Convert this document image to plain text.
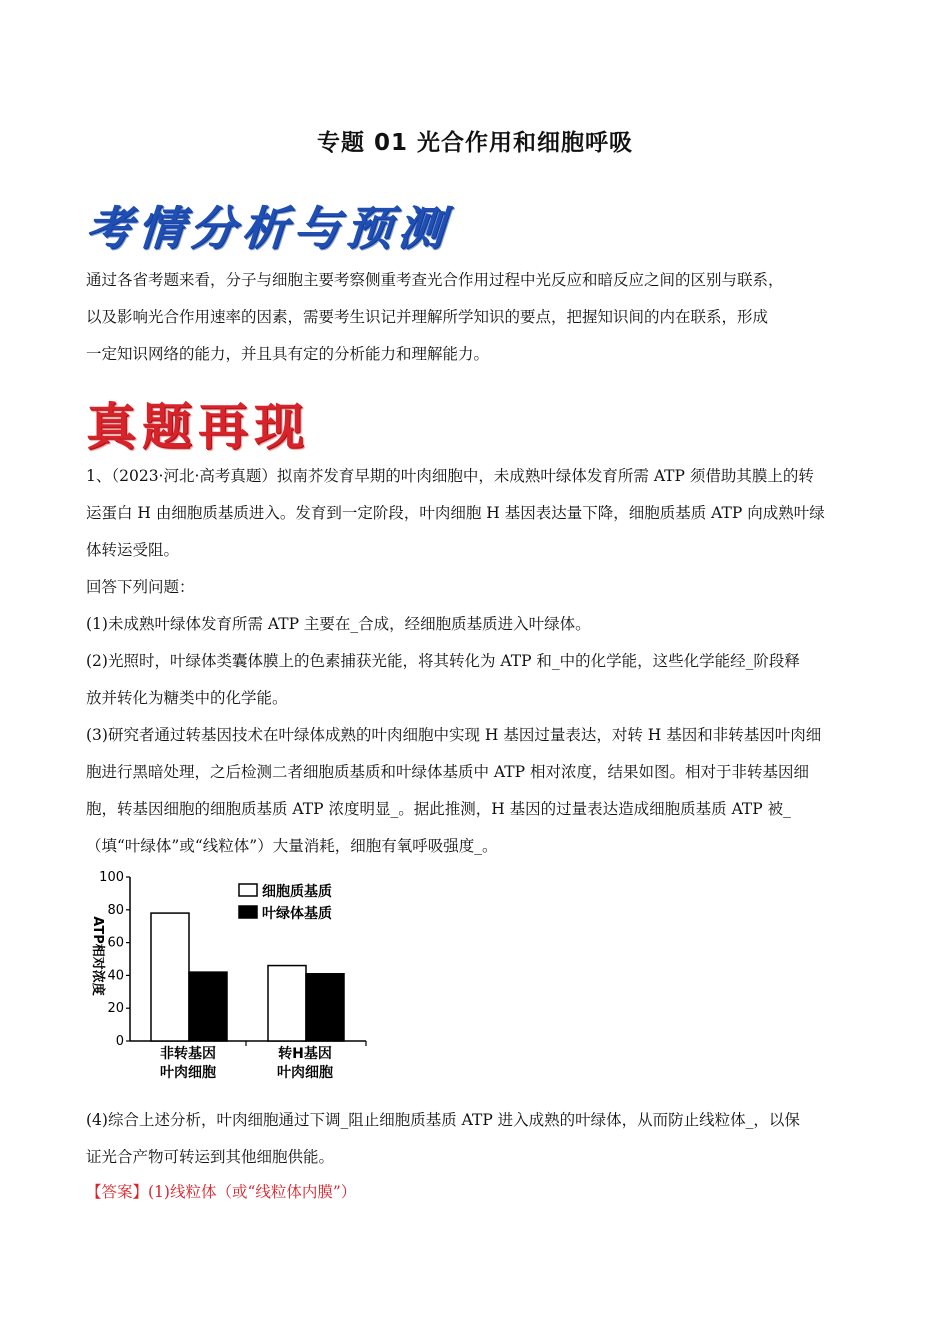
专题 01 光合作用和细胞呼吸
考情分析与预测
通过各省考题来看，分子与细胞主要考察侧重考查光合作用过程中光反应和暗反应之间的区别与联系，
以及影响光合作用速率的因素，需要考生识记并理解所学知识的要点，把握知识间的内在联系，形成
一定知识网络的能力，并且具有定的分析能力和理解能力。
真题再现
1、（2023·河北·高考真题）拟南芥发育早期的叶肉细胞中，未成熟叶绿体发育所需 ATP 须借助其膜上的转
运蛋白 H 由细胞质基质进入。发育到一定阶段，叶肉细胞 H 基因表达量下降，细胞质基质 ATP 向成熟叶绿
体转运受阻。
回答下列问题：
(1)未成熟叶绿体发育所需 ATP 主要在_合成，经细胞质基质进入叶绿体。
(2)光照时，叶绿体类囊体膜上的色素捕获光能，将其转化为 ATP 和_中的化学能，这些化学能经_阶段释
放并转化为糖类中的化学能。
(3)研究者通过转基因技术在叶绿体成熟的叶肉细胞中实现 H 基因过量表达，对转 H 基因和非转基因叶肉细
胞进行黑暗处理，之后检测二者细胞质基质和叶绿体基质中 ATP 相对浓度，结果如图。相对于非转基因细
胞，转基因细胞的细胞质基质 ATP 浓度明显_。据此推测，H 基因的过量表达造成细胞质基质 ATP 被_
（填“叶绿体”或“线粒体”）大量消耗，细胞有氧呼吸强度_。
ATP相对浓度
细胞质基质
叶绿体基质
非转基因
叶肉细胞
转H基因
叶肉细胞
0
20
40
60
80
100
(4)综合上述分析，叶肉细胞通过下调_阻止细胞质基质 ATP 进入成熟的叶绿体，从而防止线粒体_，以保
证光合产物可转运到其他细胞供能。
【答案】(1)线粒体（或“线粒体内膜”）
